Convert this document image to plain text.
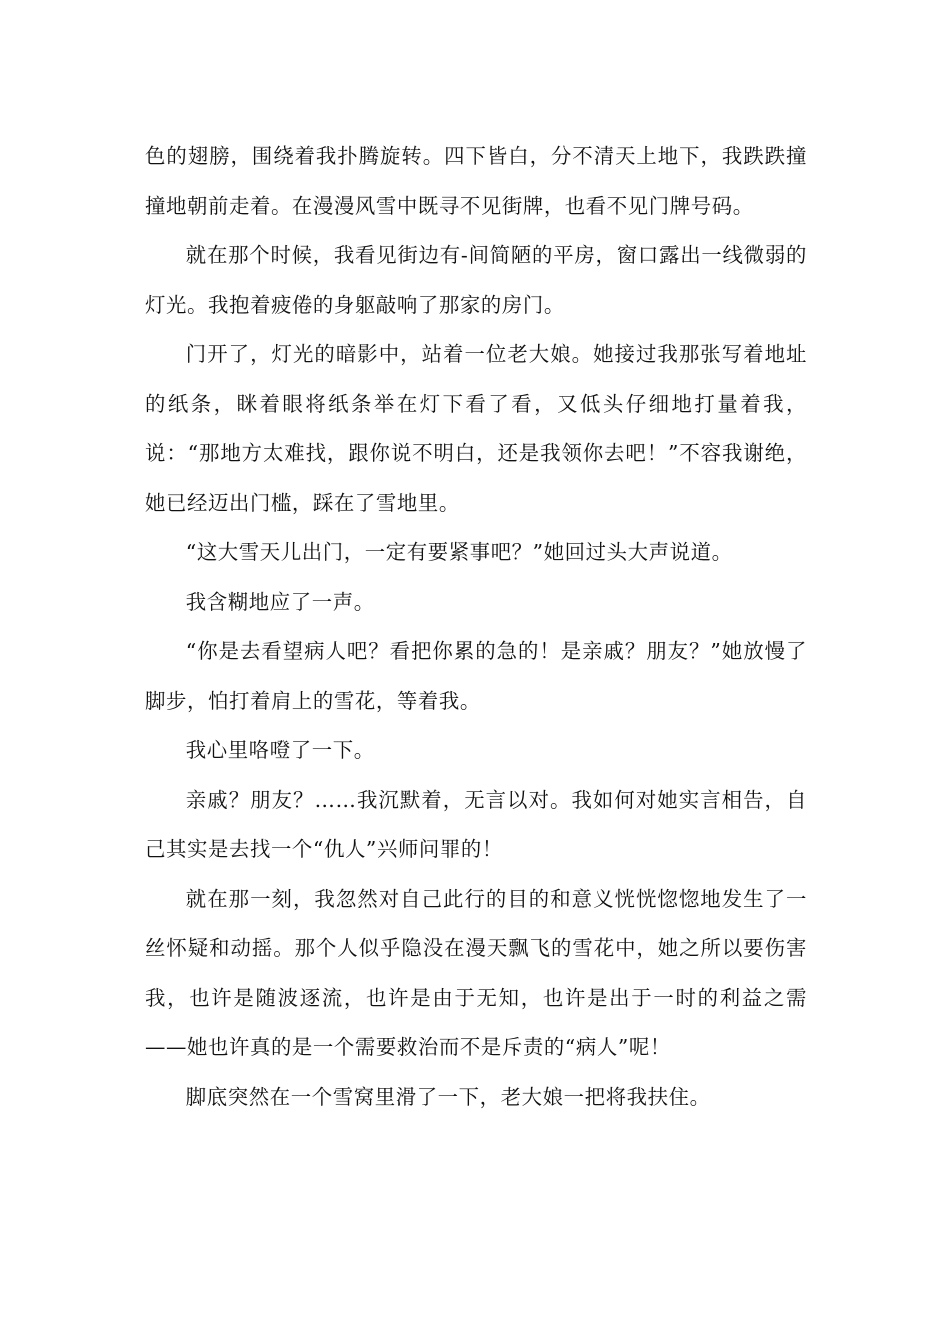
色的翅膀，围绕着我扑腾旋转。四下皆白，分不清天上地下，我跌跌撞撞地朝前走着。在漫漫风雪中既寻不见街牌，也看不见门牌号码。

就在那个时候，我看见街边有-间简陋的平房，窗口露出一线微弱的灯光。我抱着疲倦的身躯敲响了那家的房门。

门开了，灯光的暗影中，站着一位老大娘。她接过我那张写着地址的纸条，眯着眼将纸条举在灯下看了看，又低头仔细地打量着我，说：“那地方太难找，跟你说不明白，还是我领你去吧！”不容我谢绝，她已经迈出门槛，踩在了雪地里。

“这大雪天儿出门，一定有要紧事吧？”她回过头大声说道。

我含糊地应了一声。

“你是去看望病人吧？看把你累的急的！是亲戚？朋友？”她放慢了脚步，怕打着肩上的雪花，等着我。

我心里咯噔了一下。

亲戚？朋友？……我沉默着，无言以对。我如何对她实言相告，自己其实是去找一个“仇人”兴师问罪的！

就在那一刻，我忽然对自己此行的目的和意义恍恍惚惚地发生了一丝怀疑和动摇。那个人似乎隐没在漫天飘飞的雪花中，她之所以要伤害我，也许是随波逐流，也许是由于无知，也许是出于一时的利益之需——她也许真的是一个需要救治而不是斥责的“病人”呢！

脚底突然在一个雪窝里滑了一下，老大娘一把将我扶住。
